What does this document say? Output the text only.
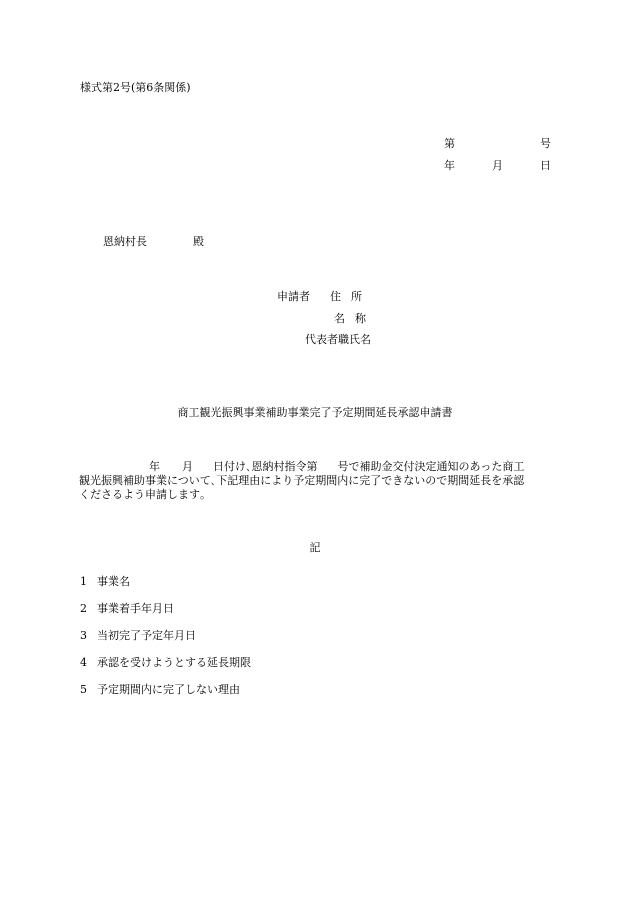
様式第2号(第6条関係)
第	号
年	月	日
恩納村長	殿
申請者 住所
名称
代表者職氏名
商工観光振興事業補助事業完了予定期間延長承認申請書
年 月 日付け､恩納村指令第 号で補助金交付決定通知のあった商工
観光振興補助事業について､下記理由により予定期間内に完了できないので期間延長を承認
くださるよう申請します｡
記
1 事業名
2 事業着手年月日
3 当初完了予定年月日
4 承認を受けようとする延長期限
5 予定期間内に完了しない理由
